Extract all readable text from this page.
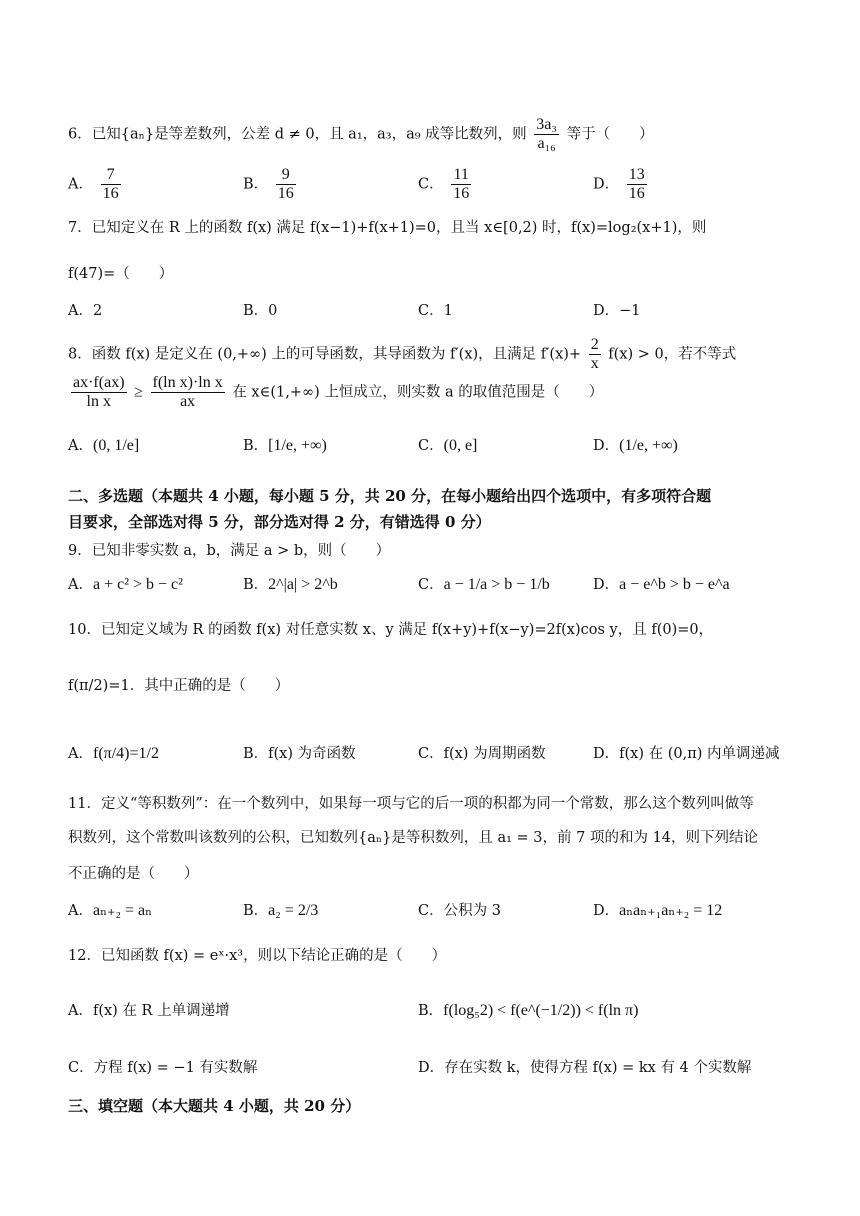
6．已知{aₙ}是等差数列，公差 d ≠ 0，且 a₁，a₃，a₉ 成等比数列，则 $\frac{\text{3a₃}}{\text{a₁₆}}$ 等于（　　）
A． $\frac{7}{16}$	B． $\frac{9}{16}$	C． $\frac{11}{16}$	D． $\frac{13}{16}$
7．已知定义在 R 上的函数 f(x) 满足 f(x−1)+f(x+1)=0，且当 x∈[0,2) 时，f(x)=log₂(x+1)，则
f(47)=（　　）
A．2	B．0	C．1	D．−1
8．函数 f(x) 是定义在 (0,+∞) 上的可导函数，其导函数为 f′(x)，且满足 $f'(x)+ \frac{2}{x} f(x) > 0$，若不等式
$\frac{ax\cdot f(ax)}{\text{ln x}} \ge \frac{\text{f(ln x)·ln x}}{ax}$ 在 x∈(1,+∞) 上恒成立，则实数 a 的取值范围是（　　）
A．(0, 1/e]	B．[1/e, +∞)	C．(0, e]	D．(1/e, +∞)
二、多选题（本题共 4 小题，每小题 5 分，共 20 分，在每小题给出四个选项中，有多项符合题
目要求，全部选对得 5 分，部分选对得 2 分，有错选得 0 分）
9．已知非零实数 a，b，满足 a > b，则（　　）
A．a + c² > b − c²	B．2^|a| > 2^b	C．a − 1/a > b − 1/b	D．a − e^b > b − e^a
10．已知定义域为 R 的函数 f(x) 对任意实数 x、y 满足 f(x+y)+f(x−y)=2f(x)cos y，且 f(0)=0，
f(π/2)=1．其中正确的是（　　）
A．f(π/4)=1/2	B．f(x) 为奇函数	C．f(x) 为周期函数	D．f(x) 在 (0,π) 内单调递减
11．定义“等积数列”：在一个数列中，如果每一项与它的后一项的积都为同一个常数，那么这个数列叫做等
积数列，这个常数叫该数列的公积，已知数列{aₙ}是等积数列，且 a₁ = 3，前 7 项的和为 14，则下列结论
不正确的是（　　）
A．aₙ₊₂ = aₙ	B．a₂ = 2/3	C．公积为 3	D．aₙaₙ₊₁aₙ₊₂ = 12
12．已知函数 f(x) = eˣ·x³，则以下结论正确的是（　　）
A．f(x) 在 R 上单调递增	B．f(log₅2) < f(e^(−1/2)) < f(ln π)
C．方程 f(x) = −1 有实数解	D．存在实数 k，使得方程 f(x) = kx 有 4 个实数解
三、填空题（本大题共 4 小题，共 20 分）
